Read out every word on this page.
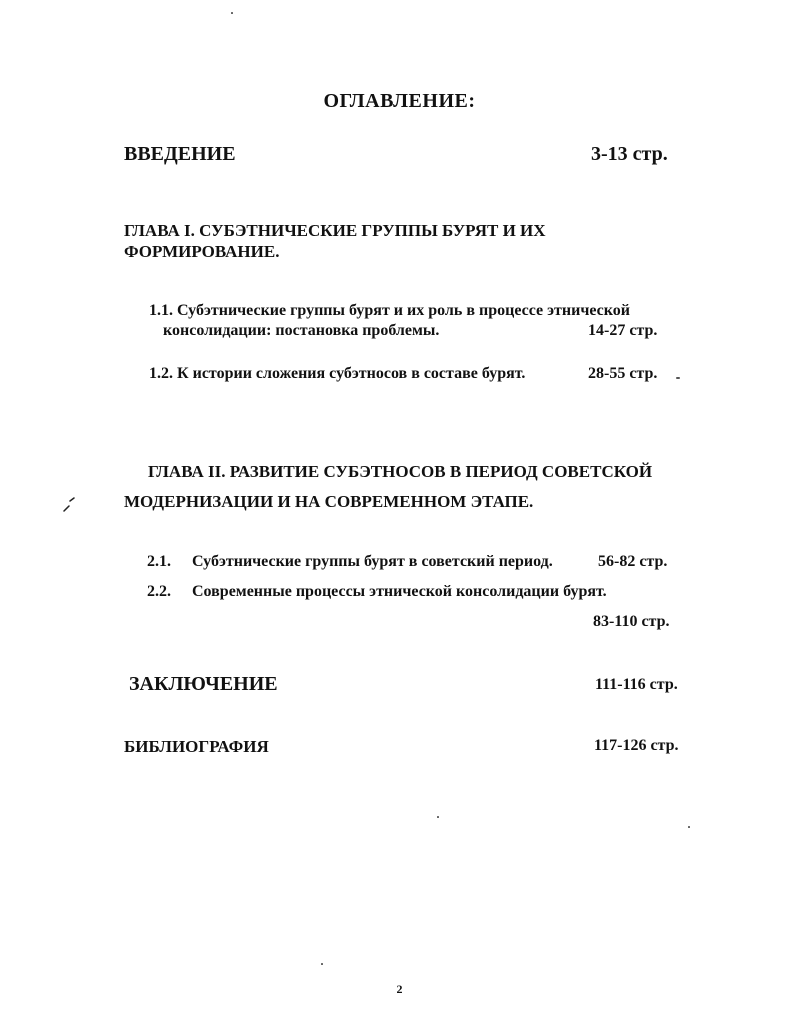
ОГЛАВЛЕНИЕ:
ВВЕДЕНИЕ	3-13 стр.
ГЛАВА I. СУБЭТНИЧЕСКИЕ ГРУППЫ БУРЯТ И ИХ
ФОРМИРОВАНИЕ.
1.1. Субэтнические группы бурят и их роль в процессе этнической
консолидации: постановка проблемы.	14-27 стр.
1.2. К истории сложения субэтносов в составе бурят.	28-55 стр.
ГЛАВА II. РАЗВИТИЕ СУБЭТНОСОВ В ПЕРИОД СОВЕТСКОЙ
МОДЕРНИЗАЦИИ И НА СОВРЕМЕННОМ ЭТАПЕ.
2.1. Субэтнические группы бурят в советский период.	56-82 стр.
2.2. Современные процессы этнической консолидации бурят.
83-110 стр.
ЗАКЛЮЧЕНИЕ	111-116 стр.
БИБЛИОГРАФИЯ	117-126 стр.
2
